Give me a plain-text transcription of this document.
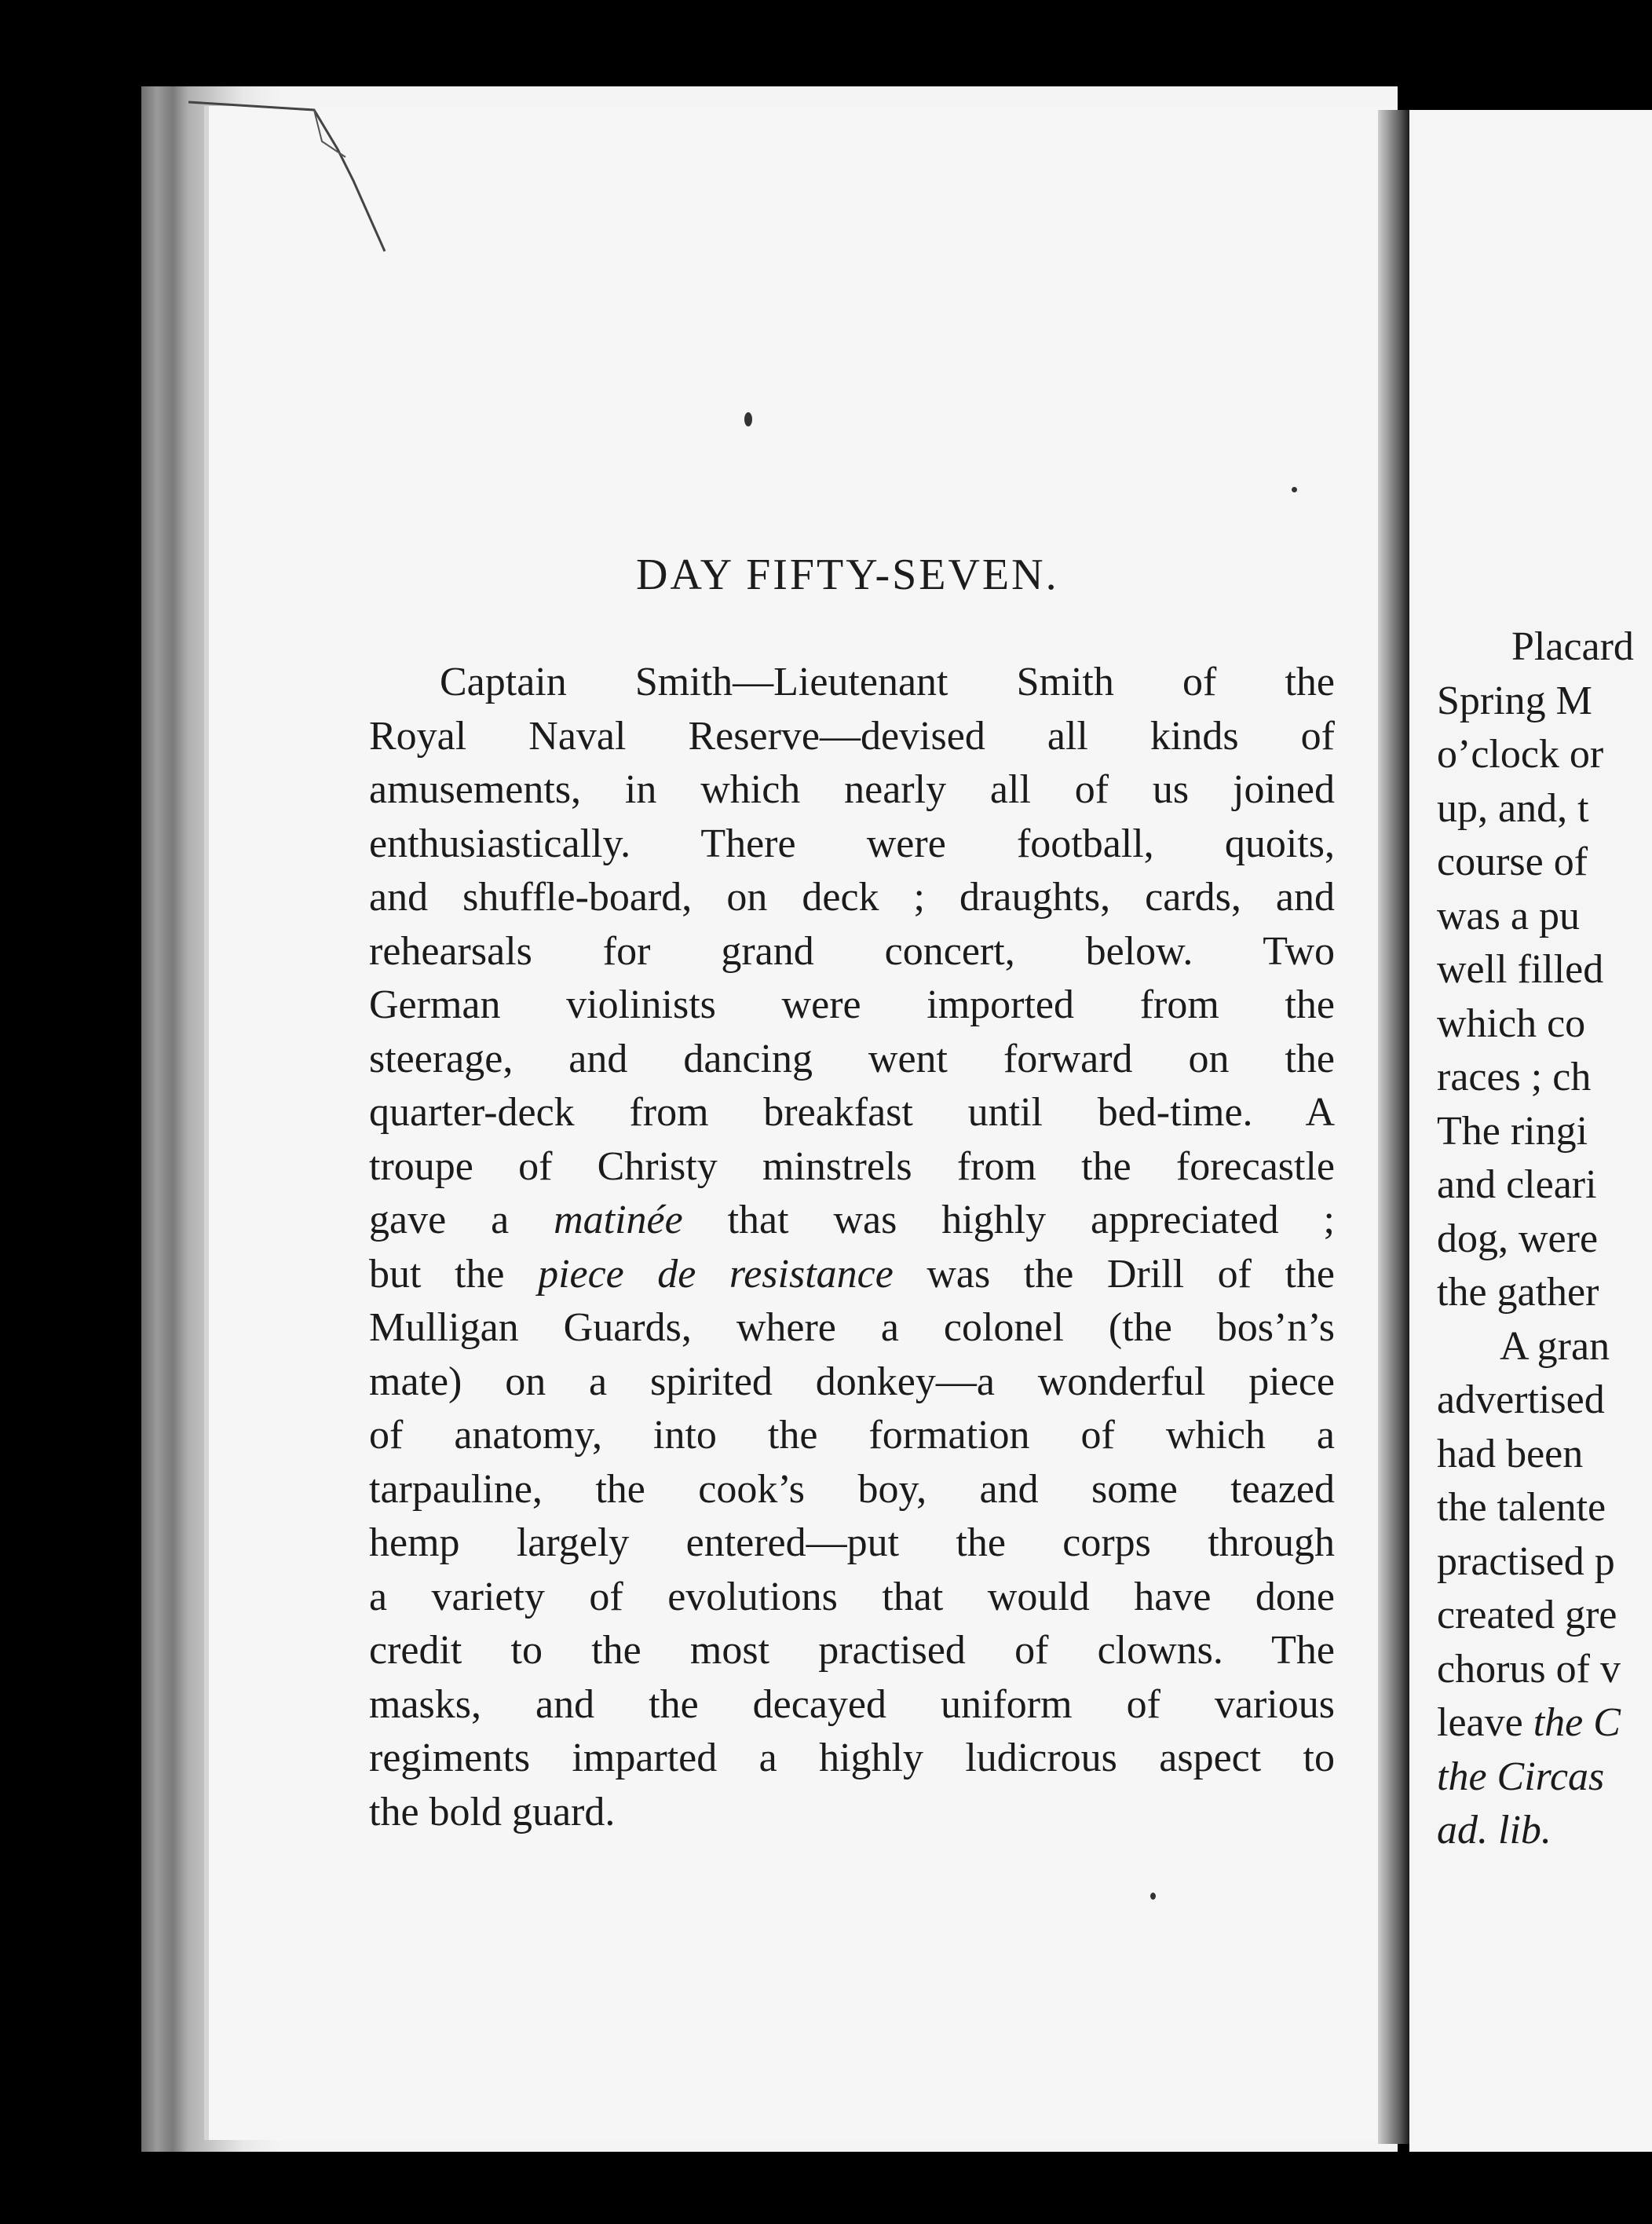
DAY FIFTY-SEVEN.
Captain Smith—Lieutenant Smith of the
Royal Naval Reserve—devised all kinds of
amusements, in which nearly all of us joined
enthusiastically. There were football, quoits,
and shuffle-board, on deck ; draughts, cards, and
rehearsals for grand concert, below. Two
German violinists were imported from the
steerage, and dancing went forward on the
quarter-deck from breakfast until bed-time. A
troupe of Christy minstrels from the forecastle
gave a matinée that was highly appreciated ;
but the piece de resistance was the Drill of the
Mulligan Guards, where a colonel (the bos’n’s
mate) on a spirited donkey—a wonderful piece
of anatomy, into the formation of which a
tarpauline, the cook’s boy, and some teazed
hemp largely entered—put the corps through
a variety of evolutions that would have done
credit to the most practised of clowns. The
masks, and the decayed uniform of various
regiments imparted a highly ludicrous aspect to
the bold guard.
Placard
Spring M
o’clock or
up, and, t
course of
was a pu
well filled
which co
races ; ch
The ringi
and cleari
dog, were
the gather
A gran
advertised
had been
the talente
practised p
created gre
chorus of v
leave the C
the Circas
ad. lib.
